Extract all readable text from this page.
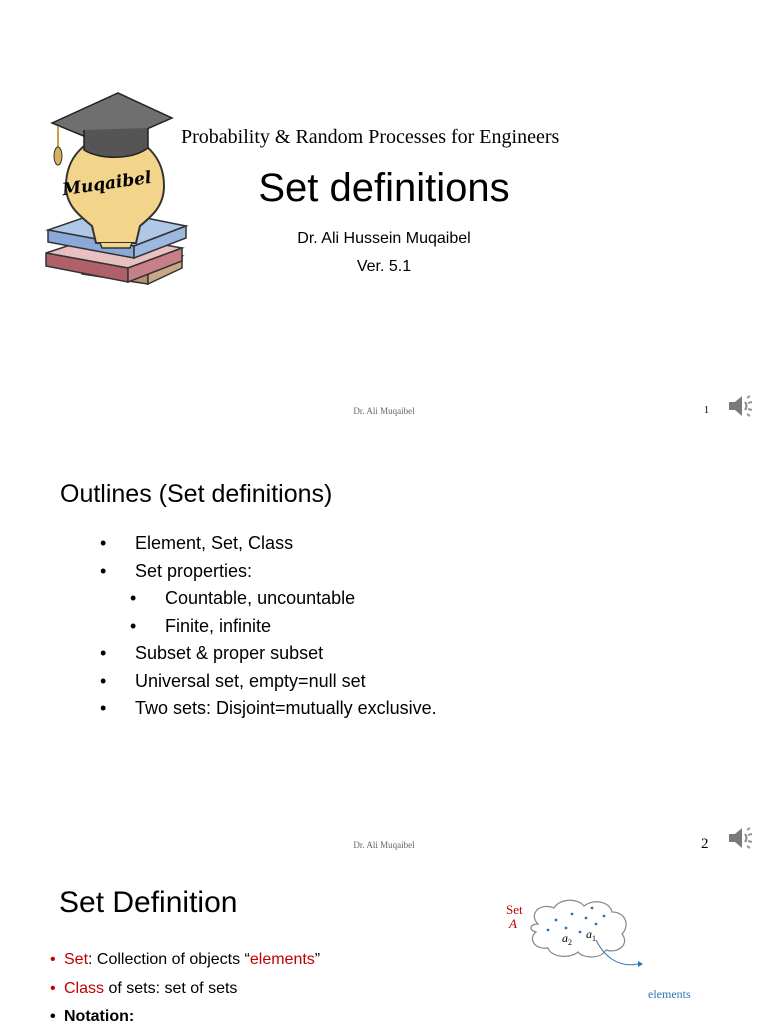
Muqaibel
Probability & Random Processes for Engineers
Set definitions
Dr. Ali Hussein Muqaibel
Ver. 5.1
Dr. Ali Muqaibel	1
Outlines (Set definitions)
• Element, Set, Class
• Set properties:
• Countable, uncountable
• Finite, infinite
• Subset & proper subset
• Universal set, empty=null set
• Two sets: Disjoint=mutually exclusive.
Dr. Ali Muqaibel	2
Set Definition
• Set: Collection of objects “elements”
• Class of sets: set of sets
• Notation:
Set
A
$a_2$
$a_1$
elements
